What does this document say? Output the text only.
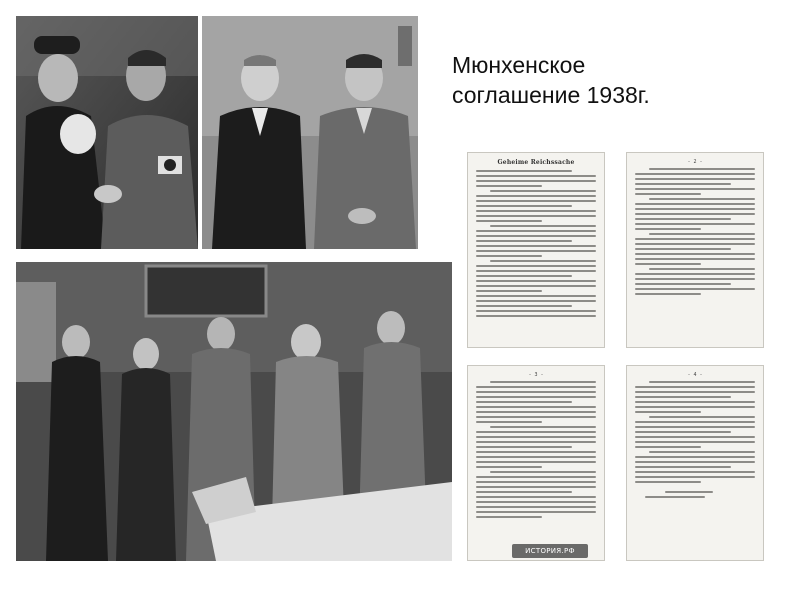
Мюнхенское
соглашение 1938г.
Geheime Reichssache	- 2 -
- 3 -	- 4 -
ИСТОРИЯ.РФ
